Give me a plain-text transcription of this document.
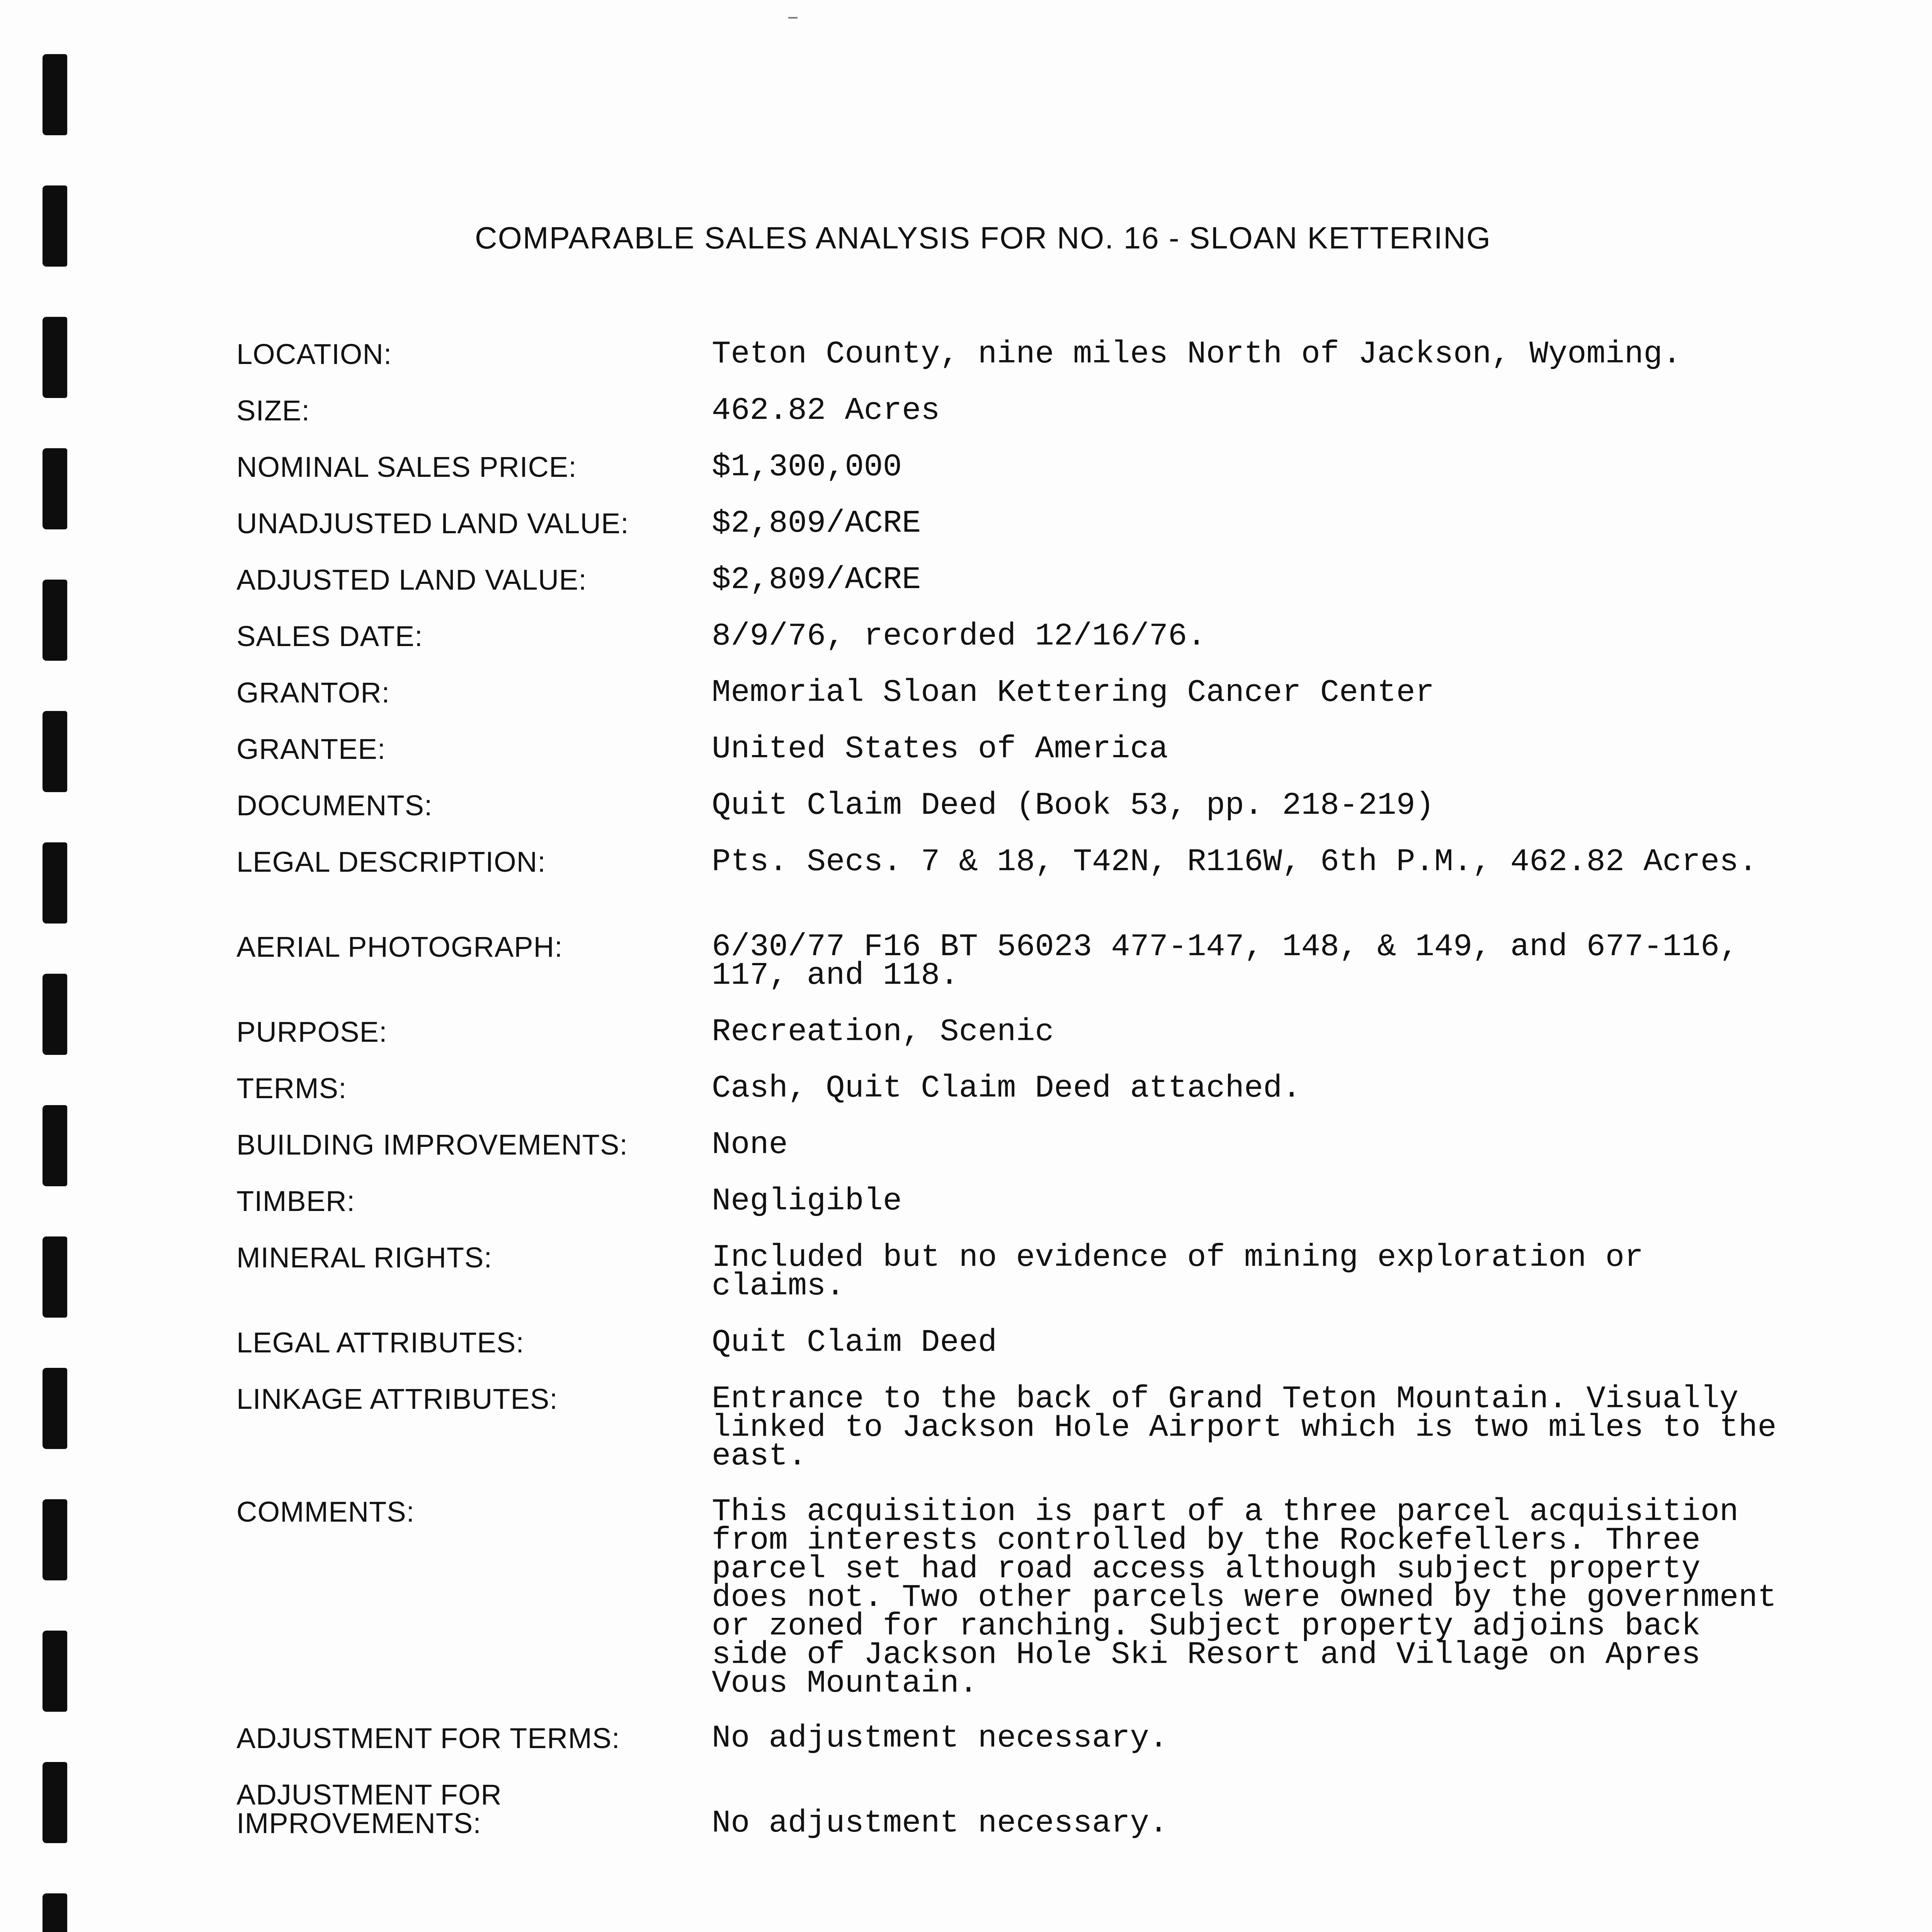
COMPARABLE SALES ANALYSIS FOR NO. 16 - SLOAN KETTERING
LOCATION:	Teton County, nine miles North of Jackson, Wyoming.
SIZE:	462.82 Acres
NOMINAL SALES PRICE:	$1,300,000
UNADJUSTED LAND VALUE:	$2,809/ACRE
ADJUSTED LAND VALUE:	$2,809/ACRE
SALES DATE:	8/9/76, recorded 12/16/76.
GRANTOR:	Memorial Sloan Kettering Cancer Center
GRANTEE:	United States of America
DOCUMENTS:	Quit Claim Deed (Book 53, pp. 218-219)
LEGAL DESCRIPTION:	Pts. Secs. 7 & 18, T42N, R116W, 6th P.M., 462.82 Acres.
AERIAL PHOTOGRAPH:	6/30/77 F16 BT 56023 477-147, 148, & 149, and 677-116, 117, and 118.
PURPOSE:	Recreation, Scenic
TERMS:	Cash, Quit Claim Deed attached.
BUILDING IMPROVEMENTS:	None
TIMBER:	Negligible
MINERAL RIGHTS:	Included but no evidence of mining exploration or claims.
LEGAL ATTRIBUTES:	Quit Claim Deed
LINKAGE ATTRIBUTES:	Entrance to the back of Grand Teton Mountain. Visually linked to Jackson Hole Airport which is two miles to the east.
COMMENTS:	This acquisition is part of a three parcel acquisition from interests controlled by the Rockefellers. Three parcel set had road access although subject property does not. Two other parcels were owned by the government or zoned for ranching. Subject property adjoins back side of Jackson Hole Ski Resort and Village on Apres Vous Mountain.
ADJUSTMENT FOR TERMS:	No adjustment necessary.
ADJUSTMENT FOR IMPROVEMENTS:	No adjustment necessary.
